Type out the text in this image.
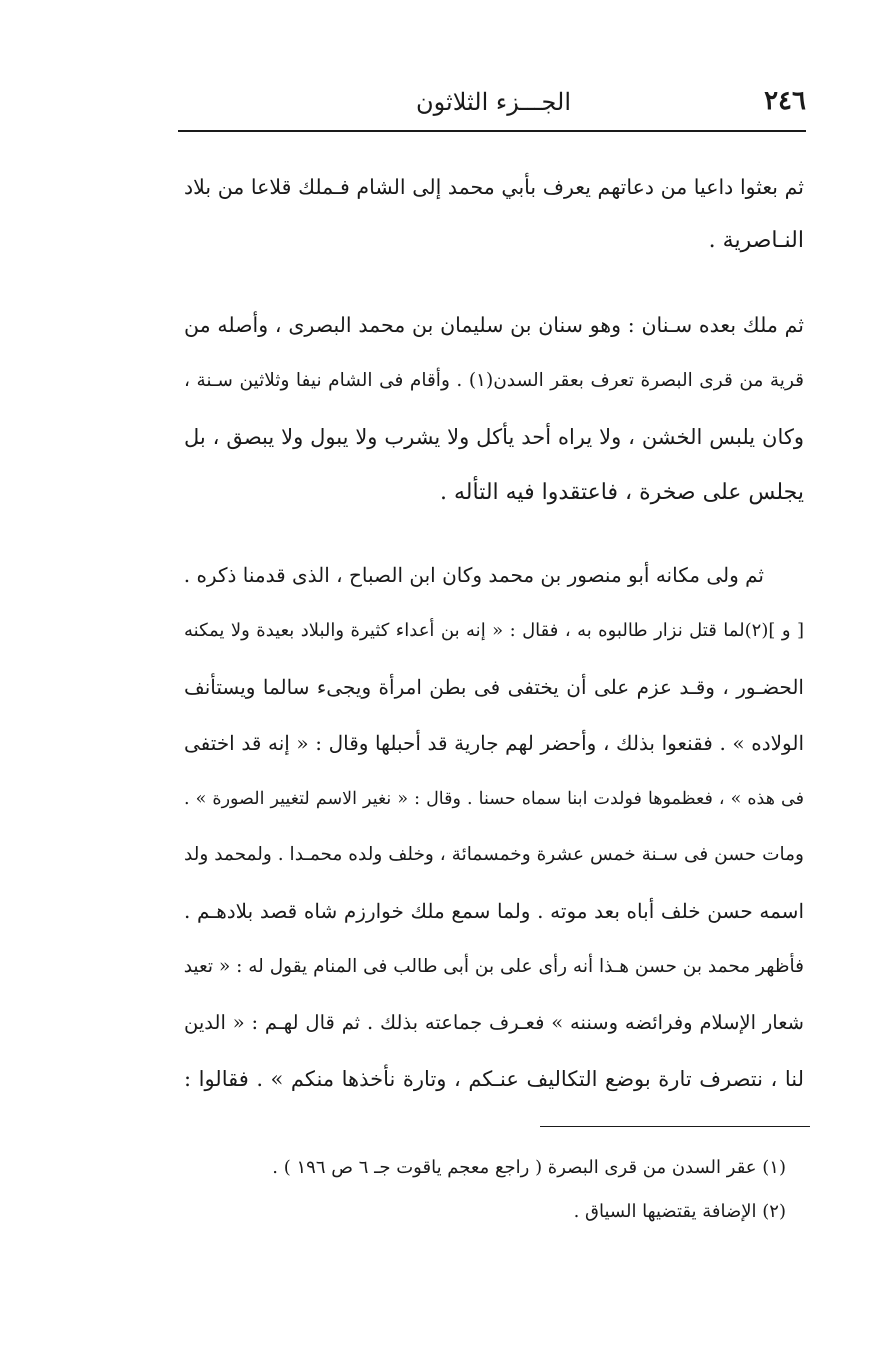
٢٤٦
الجـــزء الثلاثون
ثم بعثوا داعيا من دعاتهم يعرف بأبي محمد إلى الشام فـملك قلاعا من بلاد
النـاصرية .
ثم ملك بعده سـنان : وهو سنان بن سليمان بن محمد البصرى ، وأصله من
قرية من قرى البصرة تعرف بعقر السدن(١) . وأقام فى الشام نيفا وثلاثين سـنة ،
وكان يلبس الخشن ، ولا يراه أحد يأكل ولا يشرب ولا يبول ولا يبصق ، بل
يجلس على صخرة ، فاعتقدوا فيه التأله .
ثم ولى مكانه أبو منصور بن محمد وكان ابن الصباح ، الذى قدمنا ذكره .
[ و ](٢)لما قتل نزار طالبوه به ، فقال : « إنه بن أعداء كثيرة والبلاد بعيدة ولا يمكنه
الحضـور ، وقـد عزم على أن يختفى فى بطن امرأة ويجىء سالما ويستأنف
الولاده » . فقنعوا بذلك ، وأحضر لهم جارية قد أحبلها وقال : « إنه قد اختفى
فى هذه » ، فعظموها فولدت ابنا سماه حسنا . وقال : « نغير الاسم لتغيير الصورة » .
ومات حسن فى سـنة خمس عشرة وخمسمائة ، وخلف ولده محمـدا . ولمحمد ولد
اسمه حسن خلف أباه بعد موته . ولما سمع ملك خوارزم شاه قصد بلادهـم .
فأظهر محمد بن حسن هـذا أنه رأى على بن أبى طالب فى المنام يقول له : « تعيد
شعار الإسلام وفرائضه وسننه » فعـرف جماعته بذلك . ثم قال لهـم : « الدين
لنا ، نتصرف تارة بوضع التكاليف عنـكم ، وتارة نأخذها منكم » . فقالوا :
(١) عقر السدن من قرى البصرة ( راجع معجم ياقوت جـ ٦ ص ١٩٦ ) .
(٢) الإضافة يقتضيها السياق .
